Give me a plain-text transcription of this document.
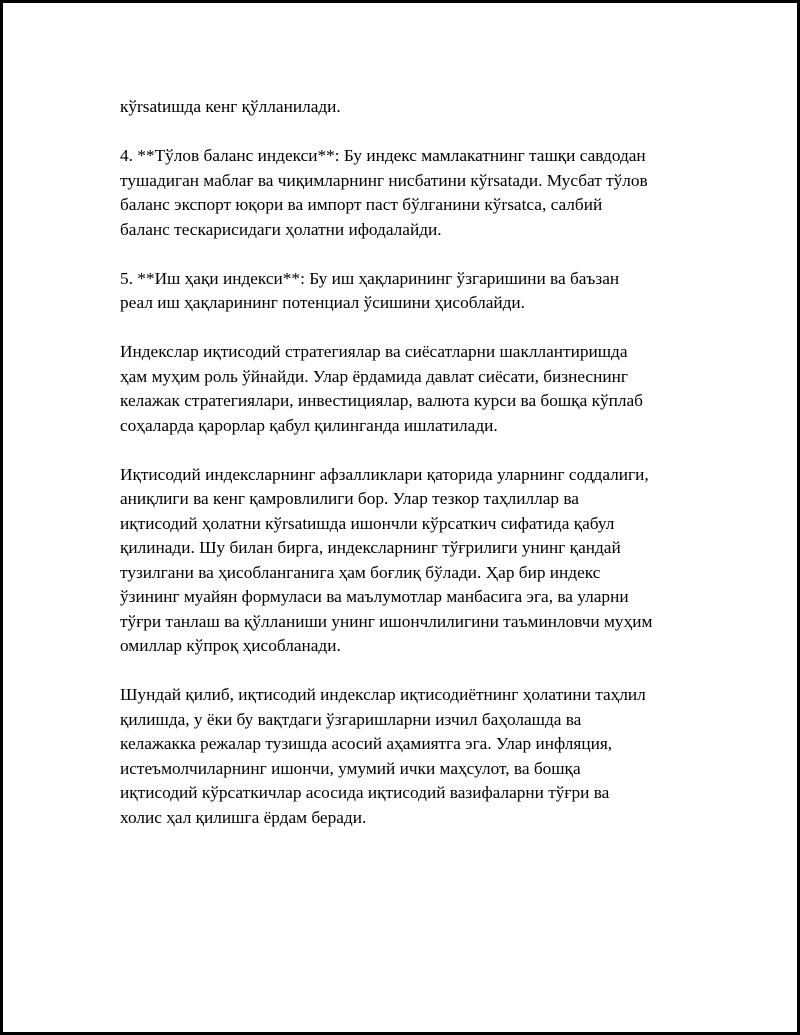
кўrsatишда кенг қўлланилади.

4. **Тўлов баланс индекси**: Бу индекс мамлакатнинг ташқи савдодан
тушадиган маблағ ва чиқимларнинг нисбатини кўrsatади. Мусбат тўлов
баланс экспорт юқори ва импорт паст бўлганини кўrsatса, салбий
баланс тескарисидаги ҳолатни ифодалайди.

5. **Иш ҳақи индекси**: Бу иш ҳақларининг ўзгаришини ва баъзан
реал иш ҳақларининг потенциал ўсишини ҳисоблайди.

Индекслар иқтисодий стратегиялар ва сиёсатларни шакллантиришда
ҳам муҳим роль ўйнайди. Улар ёрдамида давлат сиёсати, бизнеснинг
келажак стратегиялари, инвестициялар, валюта курси ва бошқа кўплаб
соҳаларда қарорлар қабул қилинганда ишлатилади.

Иқтисодий индексларнинг афзалликлари қаторида уларнинг соддалиги,
аниқлиги ва кенг қамровлилиги бор. Улар тезкор таҳлиллар ва
иқтисодий ҳолатни кўrsatишда ишончли кўрсаткич сифатида қабул
қилинади. Шу билан бирга, индексларнинг тўғрилиги унинг қандай
тузилгани ва ҳисобланганига ҳам боғлиқ бўлади. Ҳар бир индекс
ўзининг муайян формуласи ва маълумотлар манбасига эга, ва уларни
тўғри танлаш ва қўлланиши унинг ишончлилигини таъминловчи муҳим
омиллар кўпроқ ҳисобланади.

Шундай қилиб, иқтисодий индекслар иқтисодиётнинг ҳолатини таҳлил
қилишда, у ёки бу вақтдаги ўзгаришларни изчил баҳолашда ва
келажакка режалар тузишда асосий аҳамиятга эга. Улар инфляция,
истеъмолчиларнинг ишончи, умумий ички маҳсулот, ва бошқа
иқтисодий кўрсаткичлар асосида иқтисодий вазифаларни тўғри ва
холис ҳал қилишга ёрдам беради.
